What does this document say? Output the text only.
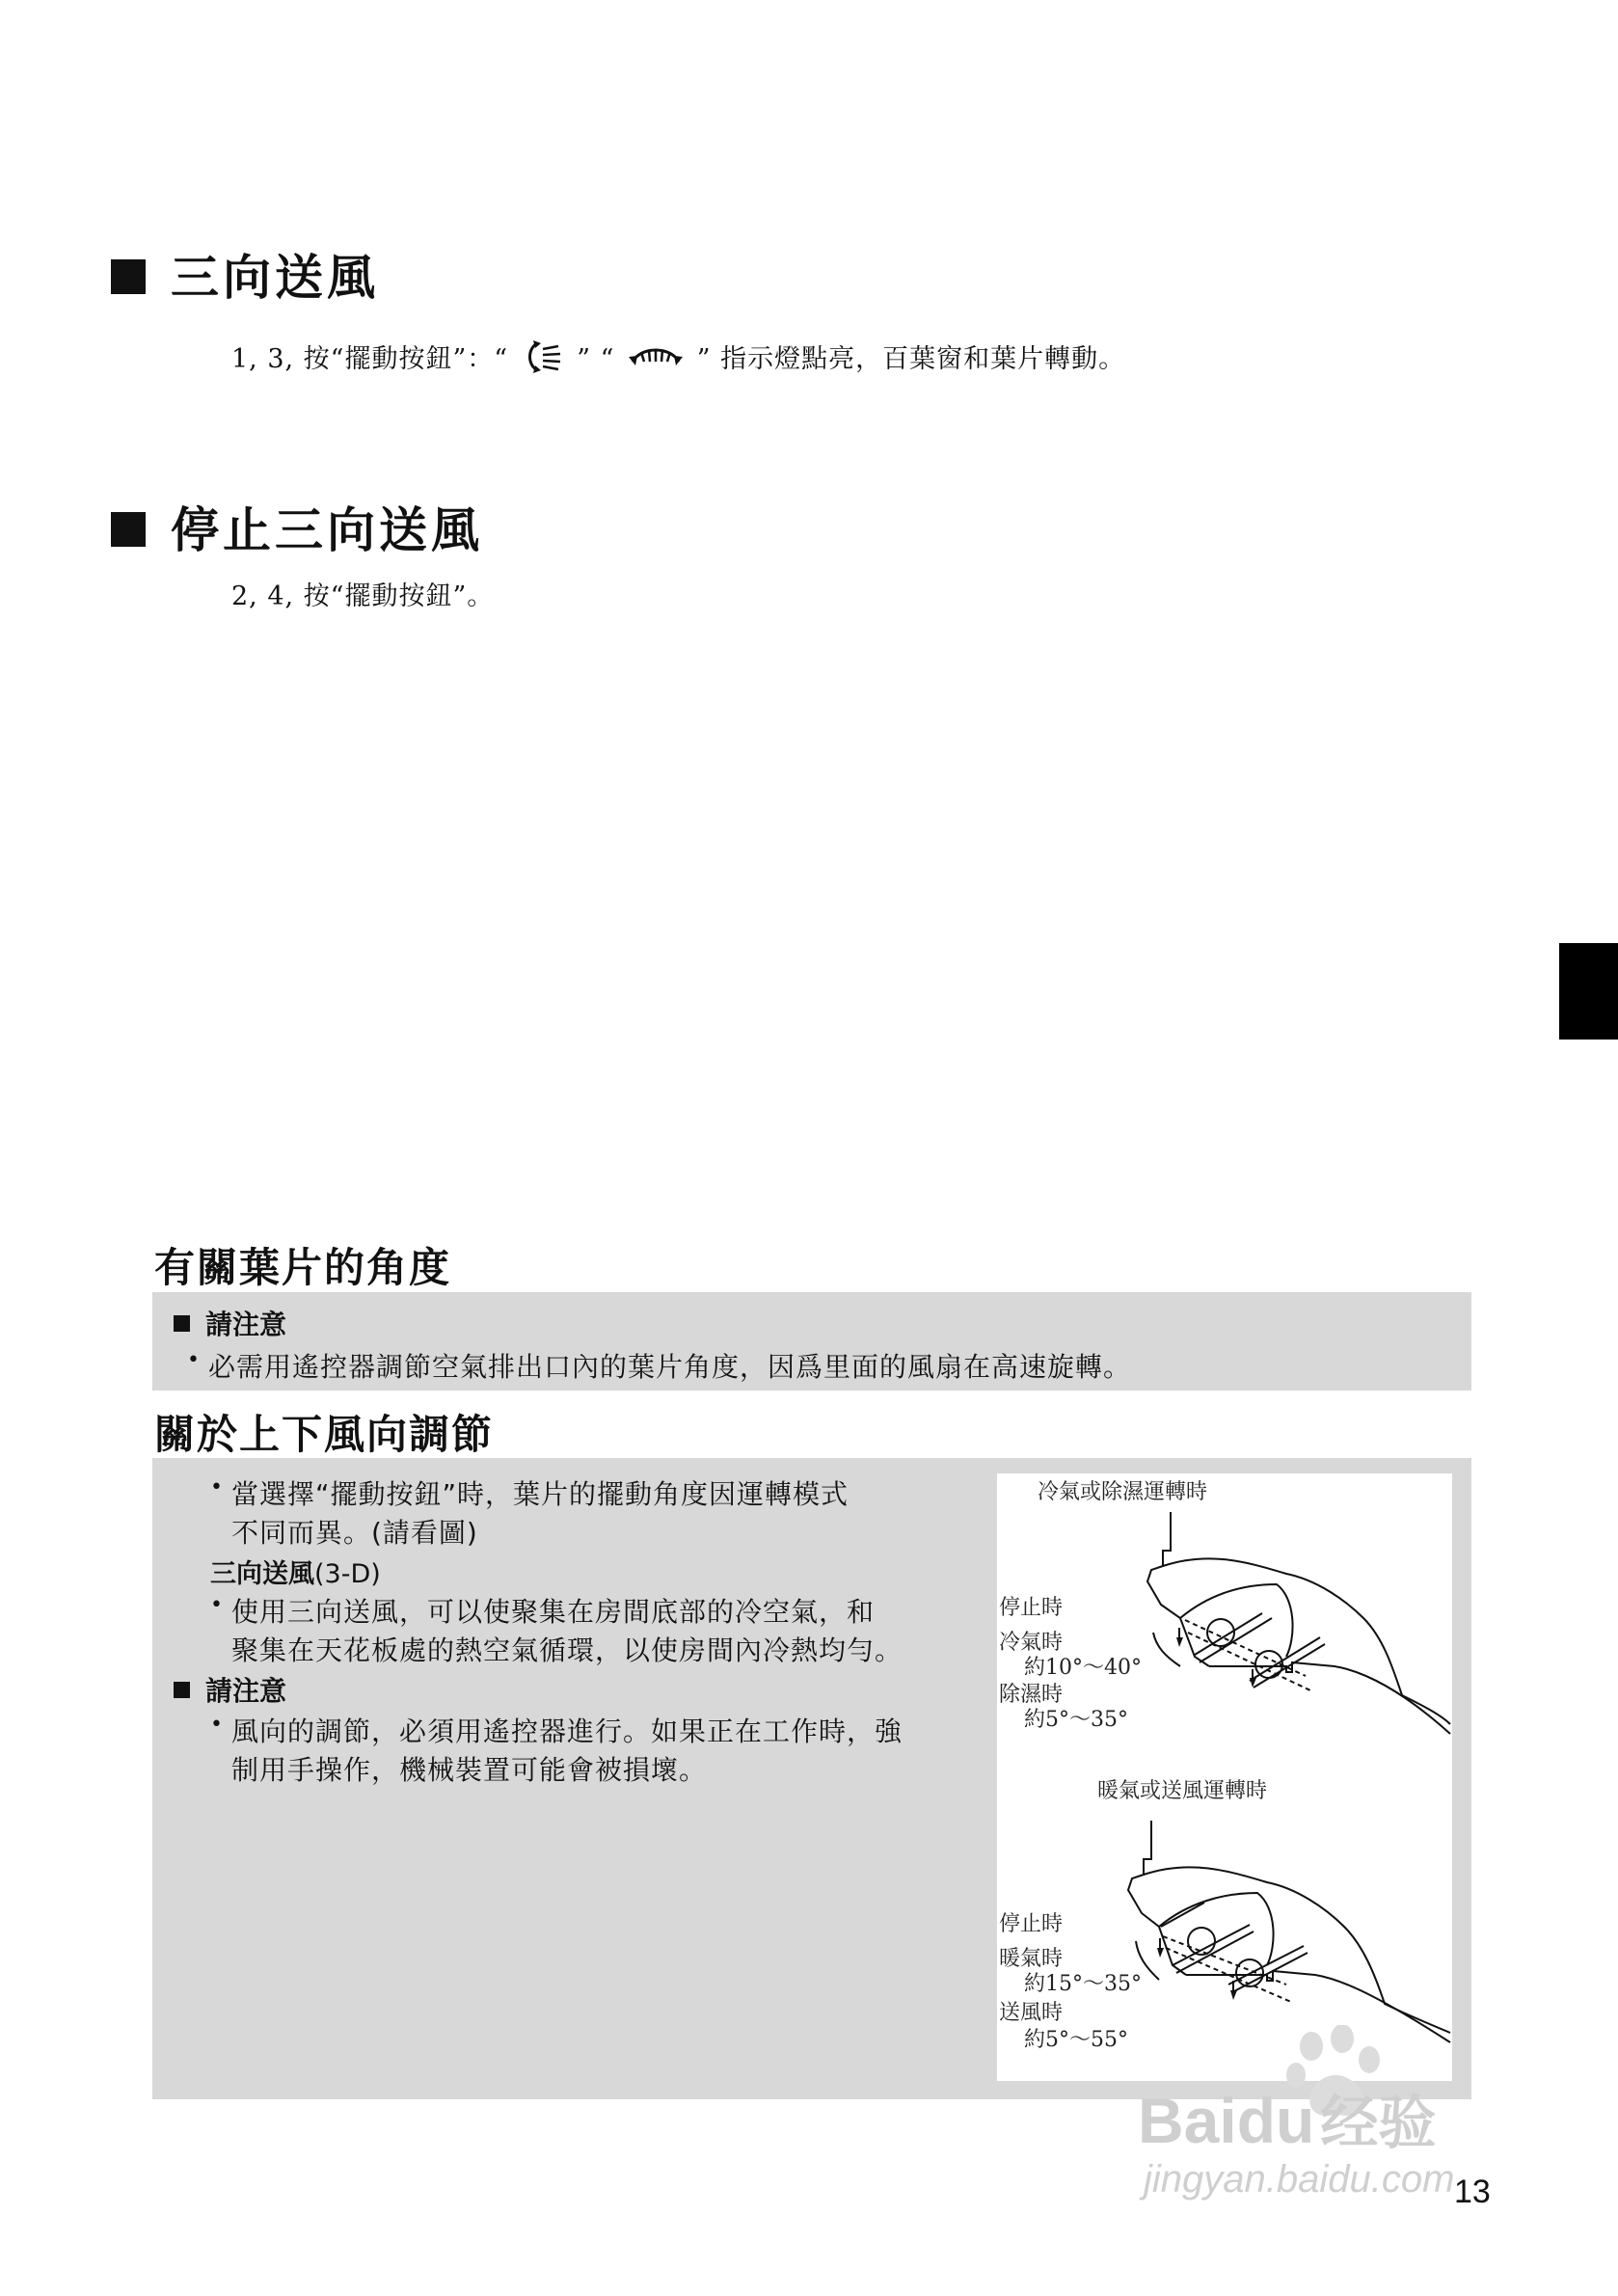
三向送風
1, 3, 按“擺動按鈕”：“	” “	” 指示燈點亮，百葉窗和葉片轉動。
停止三向送風
2, 4, 按“擺動按鈕”。
有關葉片的角度
請注意
• 必需用遙控器調節空氣排出口內的葉片角度，因爲里面的風扇在高速旋轉。
關於上下風向調節
• 當選擇“擺動按鈕”時，葉片的擺動角度因運轉模式
不同而異。(請看圖)
三向送風(3-D)
• 使用三向送風，可以使聚集在房間底部的冷空氣，和
聚集在天花板處的熱空氣循環，以使房間內冷熱均勻。
請注意
• 風向的調節，必須用遙控器進行。如果正在工作時，強
制用手操作，機械裝置可能會被損壞。
冷氣或除濕運轉時
停止時
冷氣時
約10°～40°
除濕時
約5°～35°
暖氣或送風運轉時
停止時
暖氣時
約15°～35°
送風時
約5°～55°
Baidu 经验
jingyan.baidu.com 13
